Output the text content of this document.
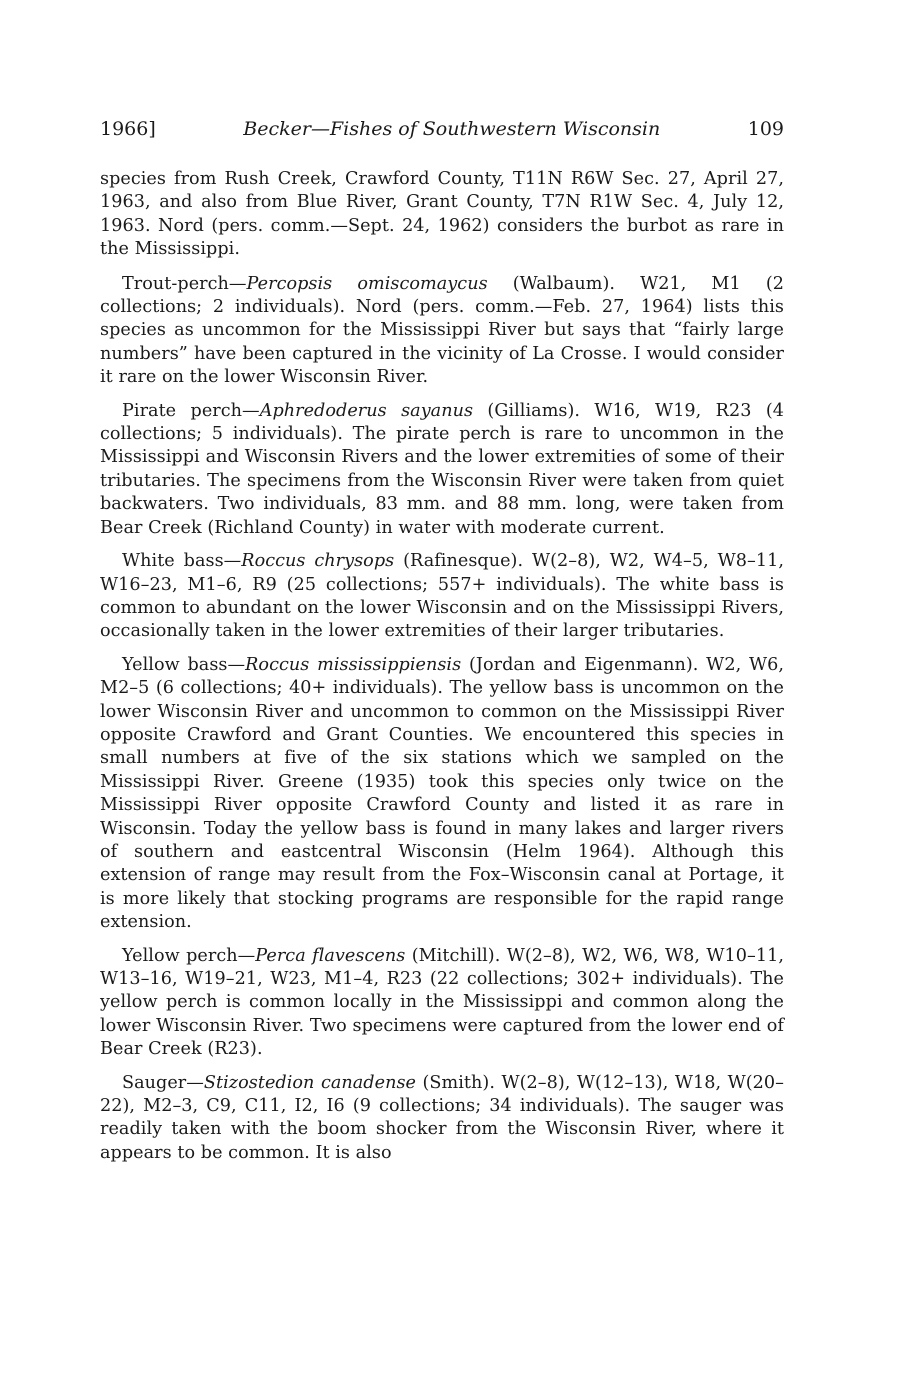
1966]	Becker—Fishes of Southwestern Wisconsin	109

species from Rush Creek, Crawford County, T11N R6W Sec. 27, April 27, 1963, and also from Blue River, Grant County, T7N R1W Sec. 4, July 12, 1963. Nord (pers. comm.—Sept. 24, 1962) considers the burbot as rare in the Mississippi.

Trout-perch—Percopsis omiscomaycus (Walbaum). W21, M1 (2 collections; 2 individuals). Nord (pers. comm.—Feb. 27, 1964) lists this species as uncommon for the Mississippi River but says that “fairly large numbers” have been captured in the vicinity of La Crosse. I would consider it rare on the lower Wisconsin River.

Pirate perch—Aphredoderus sayanus (Gilliams). W16, W19, R23 (4 collections; 5 individuals). The pirate perch is rare to uncommon in the Mississippi and Wisconsin Rivers and the lower extremities of some of their tributaries. The specimens from the Wisconsin River were taken from quiet backwaters. Two individuals, 83 mm. and 88 mm. long, were taken from Bear Creek (Richland County) in water with moderate current.

White bass—Roccus chrysops (Rafinesque). W(2–8), W2, W4–5, W8–11, W16–23, M1–6, R9 (25 collections; 557+ individuals). The white bass is common to abundant on the lower Wisconsin and on the Mississippi Rivers, occasionally taken in the lower extremities of their larger tributaries.

Yellow bass—Roccus mississippiensis (Jordan and Eigenmann). W2, W6, M2–5 (6 collections; 40+ individuals). The yellow bass is uncommon on the lower Wisconsin River and uncommon to common on the Mississippi River opposite Crawford and Grant Counties. We encountered this species in small numbers at five of the six stations which we sampled on the Mississippi River. Greene (1935) took this species only twice on the Mississippi River opposite Crawford County and listed it as rare in Wisconsin. Today the yellow bass is found in many lakes and larger rivers of southern and eastcentral Wisconsin (Helm 1964). Although this extension of range may result from the Fox–Wisconsin canal at Portage, it is more likely that stocking programs are responsible for the rapid range extension.

Yellow perch—Perca flavescens (Mitchill). W(2–8), W2, W6, W8, W10–11, W13–16, W19–21, W23, M1–4, R23 (22 collections; 302+ individuals). The yellow perch is common locally in the Mississippi and common along the lower Wisconsin River. Two specimens were captured from the lower end of Bear Creek (R23).

Sauger—Stizostedion canadense (Smith). W(2–8), W(12–13), W18, W(20–22), M2–3, C9, C11, I2, I6 (9 collections; 34 individuals). The sauger was readily taken with the boom shocker from the Wisconsin River, where it appears to be common. It is also
